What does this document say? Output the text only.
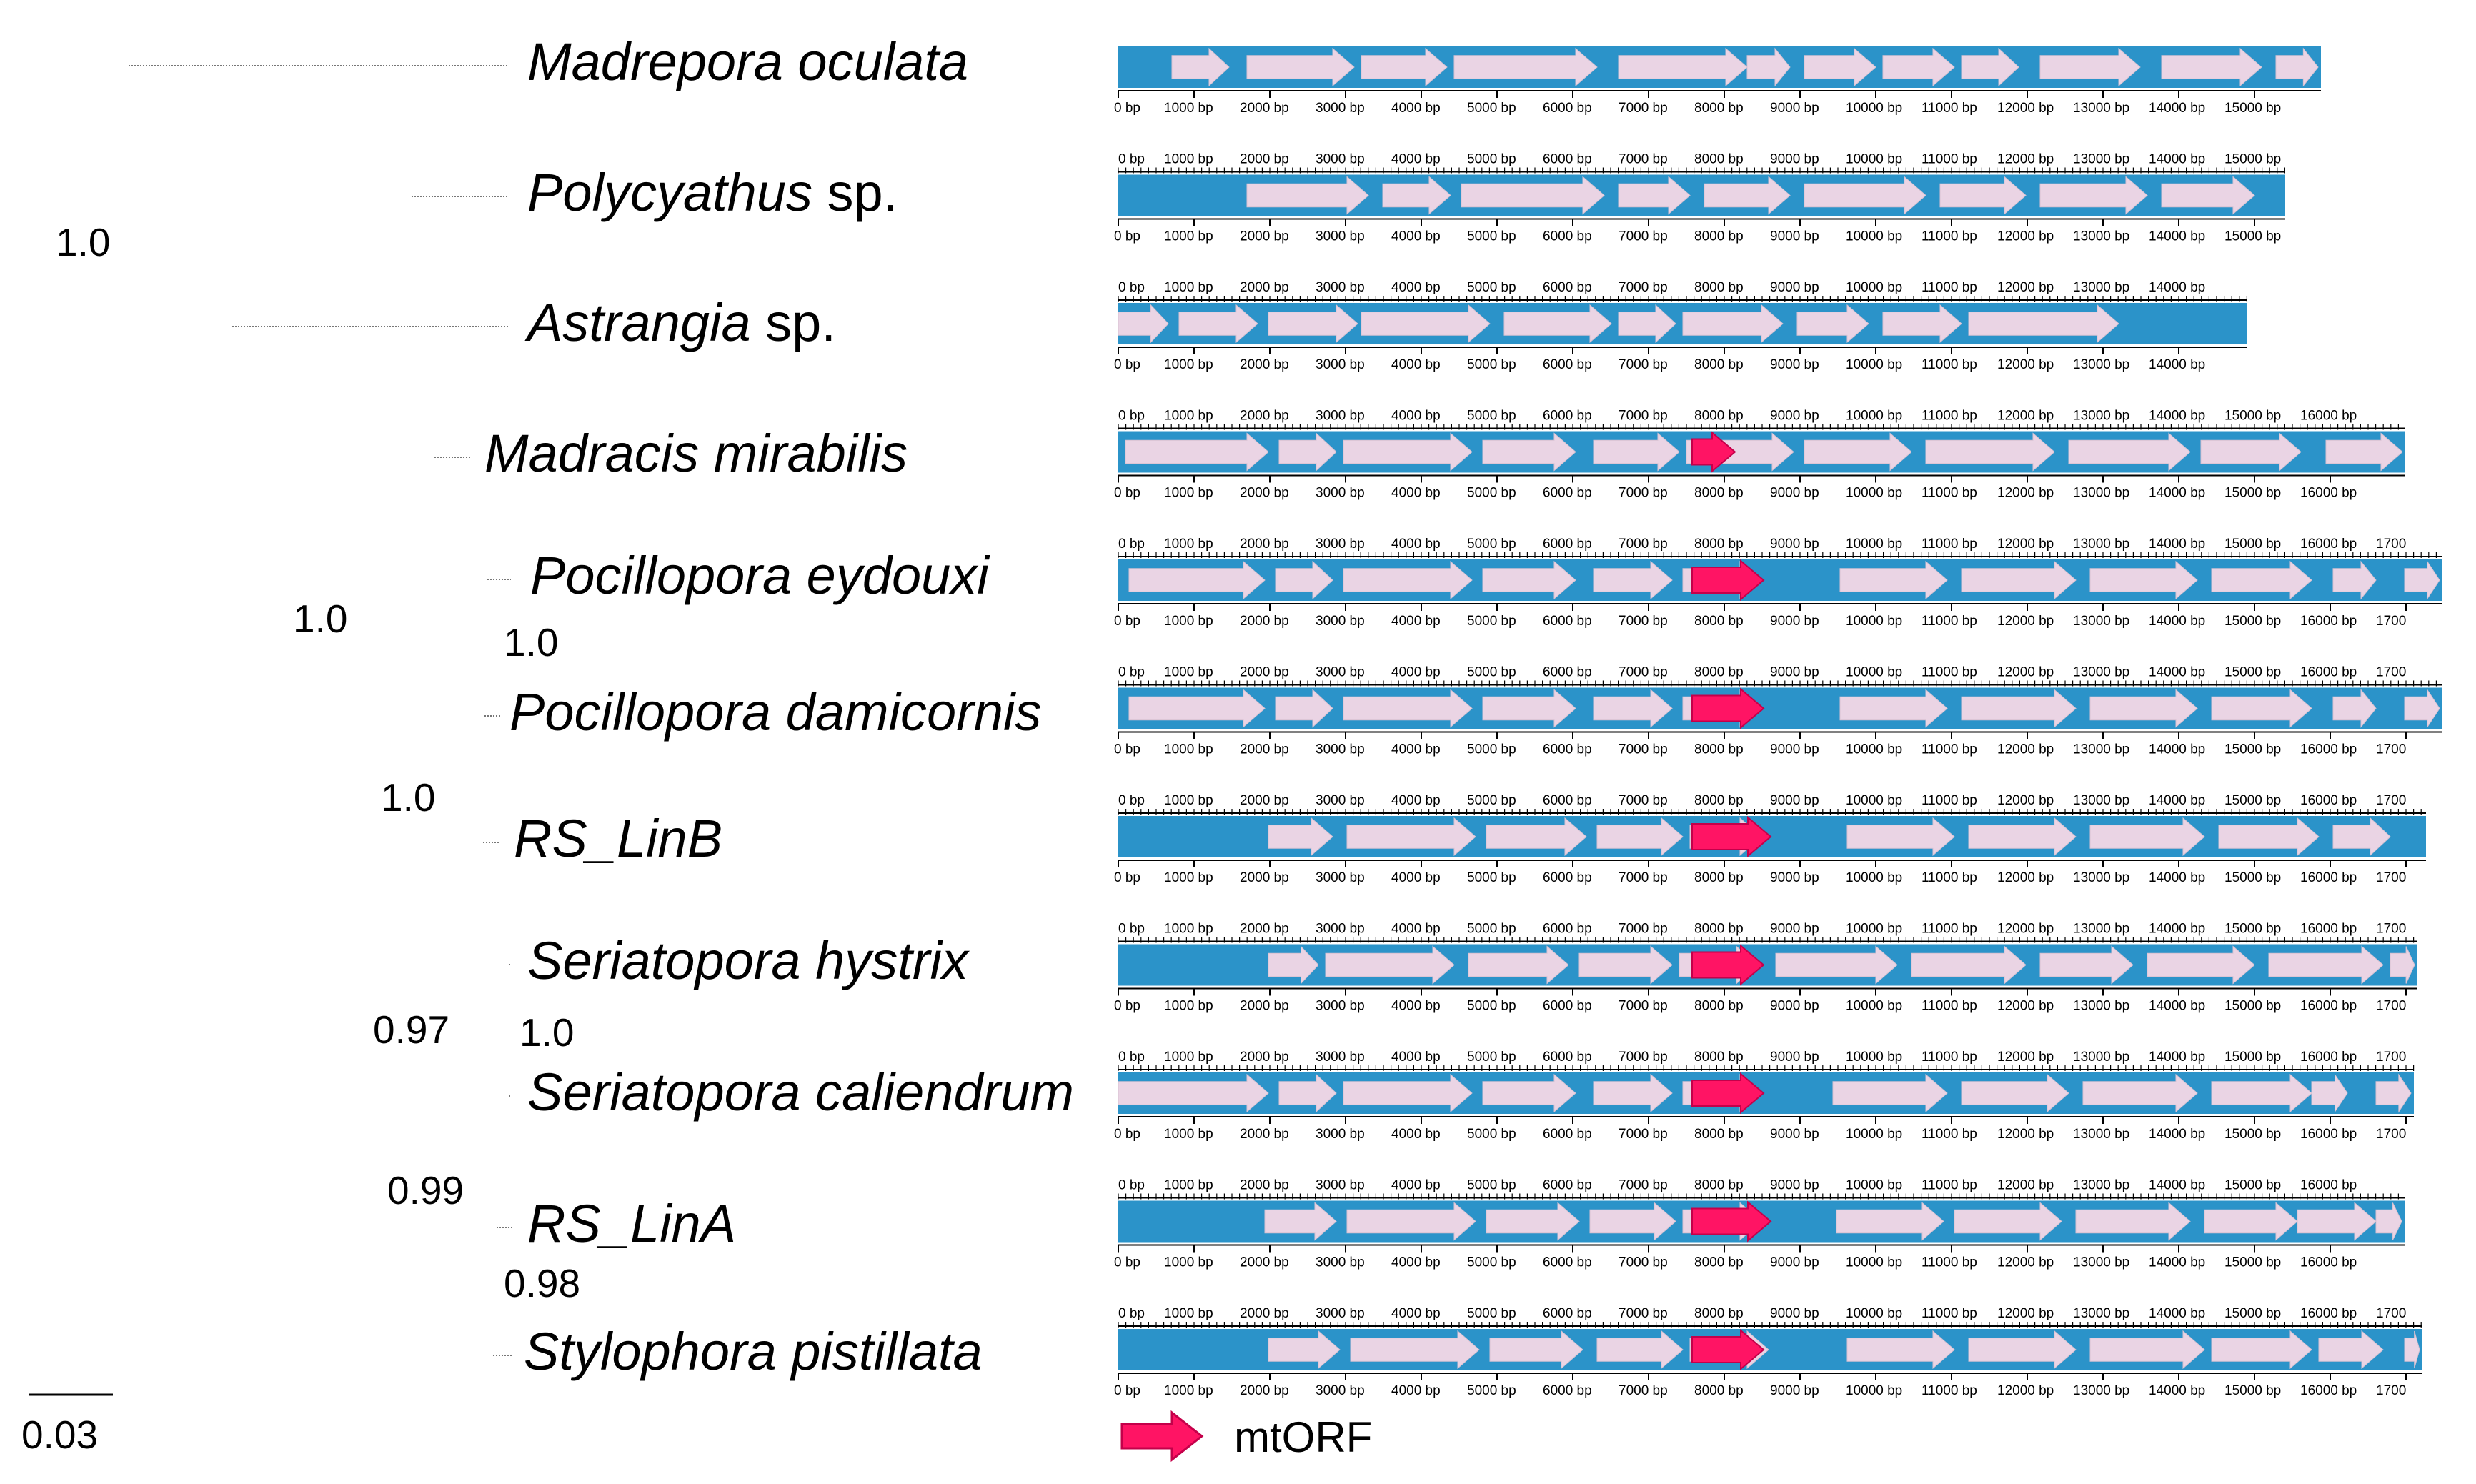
Madrepora oculata
Polycyathus sp.
Astrangia sp.
Madracis mirabilis
Pocillopora eydouxi
Pocillopora damicornis
RS_LinB
Seriatopora hystrix
Seriatopora caliendrum
RS_LinA
Stylophora pistillata
1.0
1.0
1.0
1.0
0.97 1.0
0.99
0.98
0.03
0 bp 1000 bp 2000 bp 3000 bp 4000 bp 5000 bp 6000 bp 7000 bp 8000 bp 9000 bp 10000 bp 11000 bp 12000 bp 13000 bp 14000 bp 15000 bp
0 bp 1000 bp 2000 bp 3000 bp 4000 bp 5000 bp 6000 bp 7000 bp 8000 bp 9000 bp 10000 bp 11000 bp 12000 bp 13000 bp 14000 bp 15000 bp
0 bp 1000 bp 2000 bp 3000 bp 4000 bp 5000 bp 6000 bp 7000 bp 8000 bp 9000 bp 10000 bp 11000 bp 12000 bp 13000 bp 14000 bp 15000 bp
0 bp 1000 bp 2000 bp 3000 bp 4000 bp 5000 bp 6000 bp 7000 bp 8000 bp 9000 bp 10000 bp 11000 bp 12000 bp 13000 bp 14000 bp
0 bp 1000 bp 2000 bp 3000 bp 4000 bp 5000 bp 6000 bp 7000 bp 8000 bp 9000 bp 10000 bp 11000 bp 12000 bp 13000 bp 14000 bp
0 bp 1000 bp 2000 bp 3000 bp 4000 bp 5000 bp 6000 bp 7000 bp 8000 bp 9000 bp 10000 bp 11000 bp 12000 bp 13000 bp 14000 bp 15000 bp 16000 bp
0 bp 1000 bp 2000 bp 3000 bp 4000 bp 5000 bp 6000 bp 7000 bp 8000 bp 9000 bp 10000 bp 11000 bp 12000 bp 13000 bp 14000 bp 15000 bp 16000 bp
0 bp 1000 bp 2000 bp 3000 bp 4000 bp 5000 bp 6000 bp 7000 bp 8000 bp 9000 bp 10000 bp 11000 bp 12000 bp 13000 bp 14000 bp 15000 bp 16000 bp 1700
0 bp 1000 bp 2000 bp 3000 bp 4000 bp 5000 bp 6000 bp 7000 bp 8000 bp 9000 bp 10000 bp 11000 bp 12000 bp 13000 bp 14000 bp 15000 bp 16000 bp 1700
0 bp 1000 bp 2000 bp 3000 bp 4000 bp 5000 bp 6000 bp 7000 bp 8000 bp 9000 bp 10000 bp 11000 bp 12000 bp 13000 bp 14000 bp 15000 bp 16000 bp 1700
0 bp 1000 bp 2000 bp 3000 bp 4000 bp 5000 bp 6000 bp 7000 bp 8000 bp 9000 bp 10000 bp 11000 bp 12000 bp 13000 bp 14000 bp 15000 bp 16000 bp 1700
0 bp 1000 bp 2000 bp 3000 bp 4000 bp 5000 bp 6000 bp 7000 bp 8000 bp 9000 bp 10000 bp 11000 bp 12000 bp 13000 bp 14000 bp 15000 bp 16000 bp 1700
0 bp 1000 bp 2000 bp 3000 bp 4000 bp 5000 bp 6000 bp 7000 bp 8000 bp 9000 bp 10000 bp 11000 bp 12000 bp 13000 bp 14000 bp 15000 bp 16000 bp 1700
0 bp 1000 bp 2000 bp 3000 bp 4000 bp 5000 bp 6000 bp 7000 bp 8000 bp 9000 bp 10000 bp 11000 bp 12000 bp 13000 bp 14000 bp 15000 bp 16000 bp 1700
0 bp 1000 bp 2000 bp 3000 bp 4000 bp 5000 bp 6000 bp 7000 bp 8000 bp 9000 bp 10000 bp 11000 bp 12000 bp 13000 bp 14000 bp 15000 bp 16000 bp 1700
0 bp 1000 bp 2000 bp 3000 bp 4000 bp 5000 bp 6000 bp 7000 bp 8000 bp 9000 bp 10000 bp 11000 bp 12000 bp 13000 bp 14000 bp 15000 bp 16000 bp 1700
0 bp 1000 bp 2000 bp 3000 bp 4000 bp 5000 bp 6000 bp 7000 bp 8000 bp 9000 bp 10000 bp 11000 bp 12000 bp 13000 bp 14000 bp 15000 bp 16000 bp 1700
0 bp 1000 bp 2000 bp 3000 bp 4000 bp 5000 bp 6000 bp 7000 bp 8000 bp 9000 bp 10000 bp 11000 bp 12000 bp 13000 bp 14000 bp 15000 bp 16000 bp
0 bp 1000 bp 2000 bp 3000 bp 4000 bp 5000 bp 6000 bp 7000 bp 8000 bp 9000 bp 10000 bp 11000 bp 12000 bp 13000 bp 14000 bp 15000 bp 16000 bp
0 bp 1000 bp 2000 bp 3000 bp 4000 bp 5000 bp 6000 bp 7000 bp 8000 bp 9000 bp 10000 bp 11000 bp 12000 bp 13000 bp 14000 bp 15000 bp 16000 bp 1700
0 bp 1000 bp 2000 bp 3000 bp 4000 bp 5000 bp 6000 bp 7000 bp 8000 bp 9000 bp 10000 bp 11000 bp 12000 bp 13000 bp 14000 bp 15000 bp 16000 bp 1700
mtORF
